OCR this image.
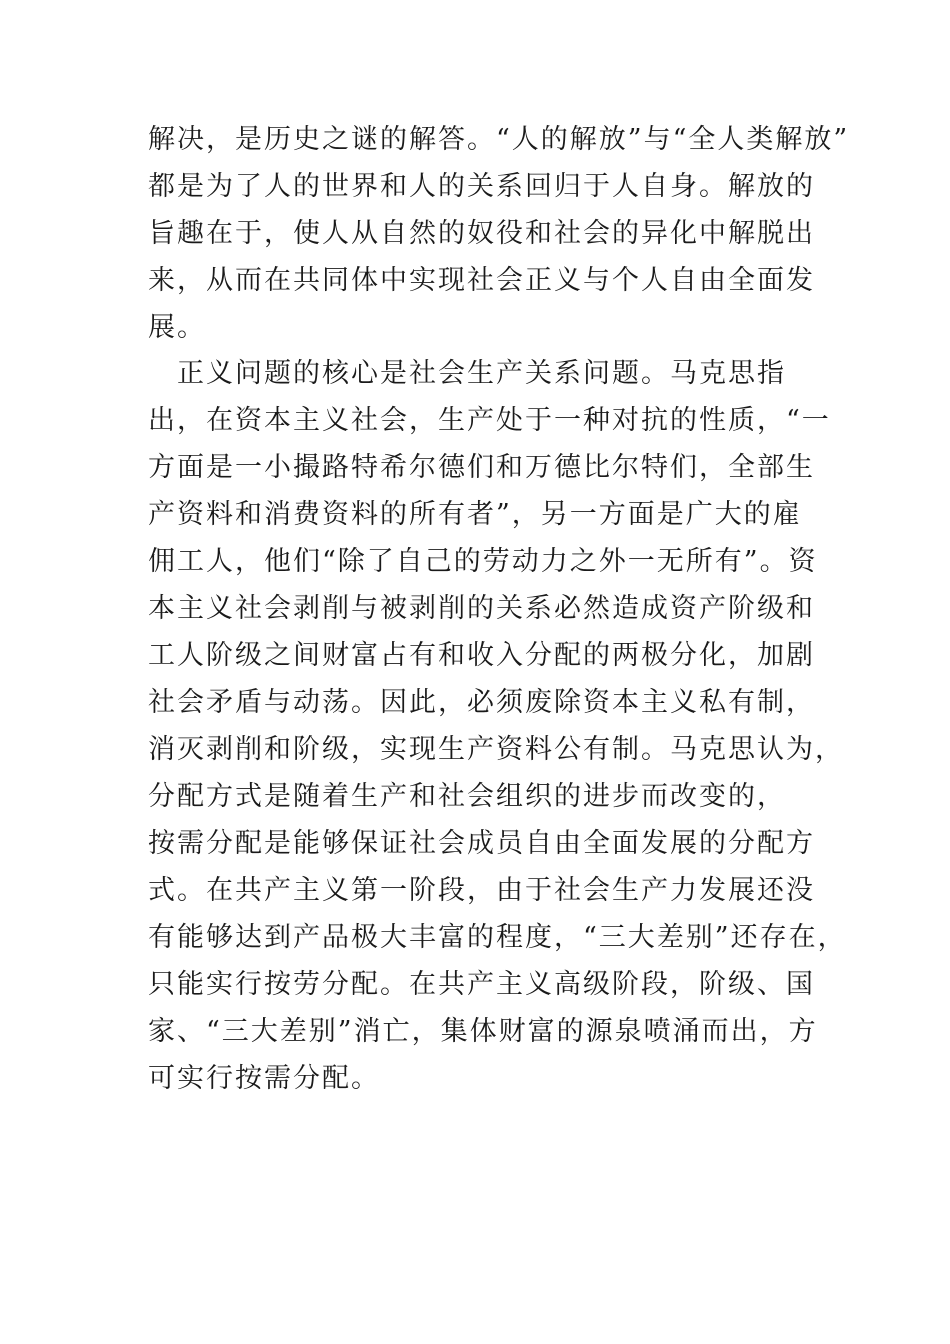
解决，是历史之谜的解答。“人的解放”与“全人类解放”
都是为了人的世界和人的关系回归于人自身。解放的
旨趣在于，使人从自然的奴役和社会的异化中解脱出
来，从而在共同体中实现社会正义与个人自由全面发
展。
　正义问题的核心是社会生产关系问题。马克思指
出，在资本主义社会，生产处于一种对抗的性质，“一
方面是一小撮路特希尔德们和万德比尔特们，全部生
产资料和消费资料的所有者”，另一方面是广大的雇
佣工人，他们“除了自己的劳动力之外一无所有”。资
本主义社会剥削与被剥削的关系必然造成资产阶级和
工人阶级之间财富占有和收入分配的两极分化，加剧
社会矛盾与动荡。因此，必须废除资本主义私有制，
消灭剥削和阶级，实现生产资料公有制。马克思认为，
分配方式是随着生产和社会组织的进步而改变的，
按需分配是能够保证社会成员自由全面发展的分配方
式。在共产主义第一阶段，由于社会生产力发展还没
有能够达到产品极大丰富的程度，“三大差别”还存在，
只能实行按劳分配。在共产主义高级阶段，阶级、国
家、“三大差别”消亡，集体财富的源泉喷涌而出，方
可实行按需分配。
